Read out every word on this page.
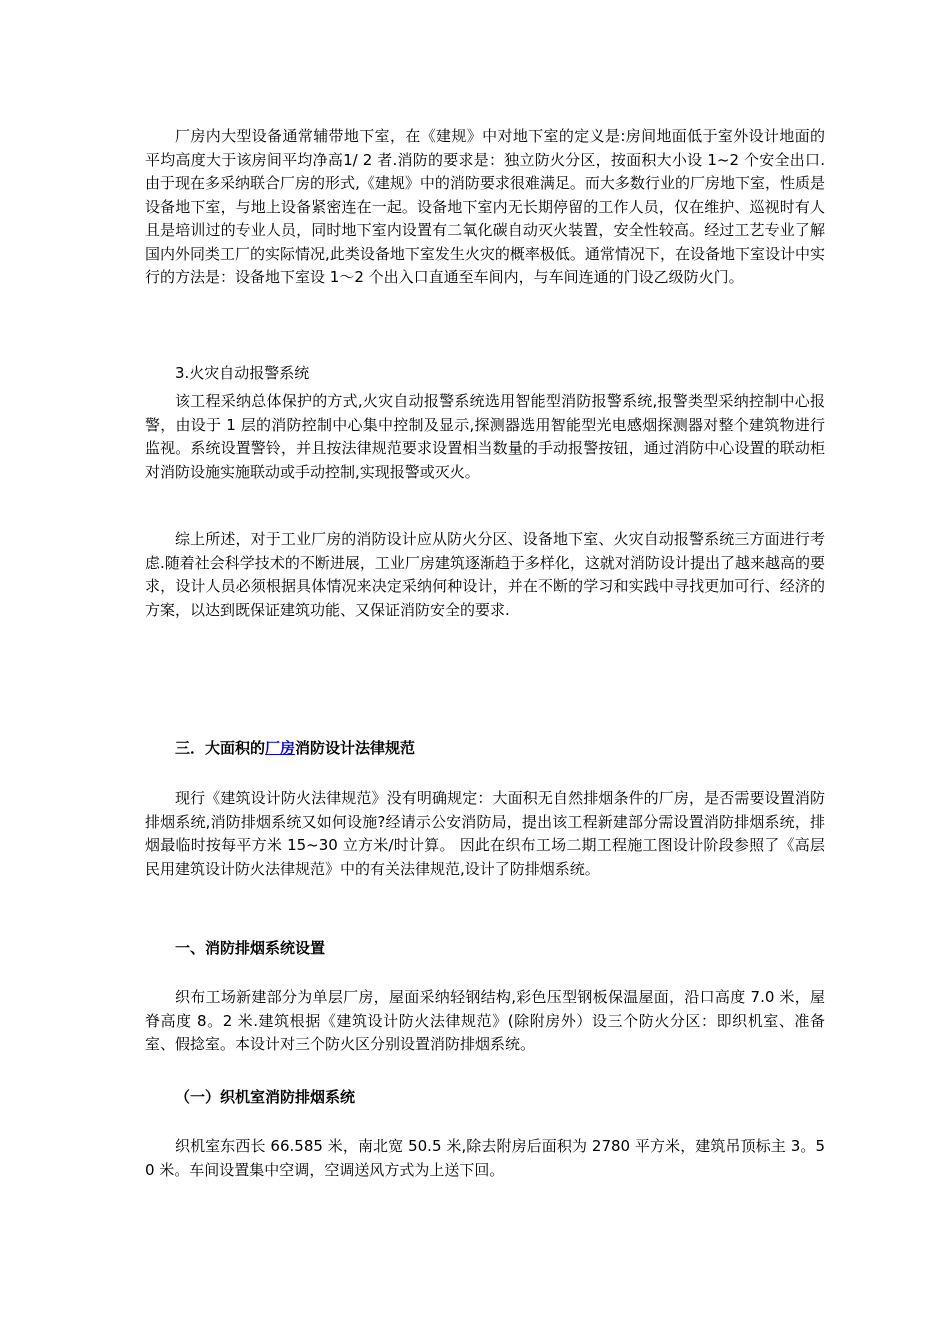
厂房内大型设备通常辅带地下室，在《建规》中对地下室的定义是:房间地面低于室外设计地面的平均高度大于该房间平均净高1/ 2 者.消防的要求是：独立防火分区，按面积大小设 1~2 个安全出口.由于现在多采纳联合厂房的形式,《建规》中的消防要求很难满足。而大多数行业的厂房地下室，性质是设备地下室，与地上设备紧密连在一起。设备地下室内无长期停留的工作人员，仅在维护、巡视时有人且是培训过的专业人员，同时地下室内设置有二氧化碳自动灭火装置，安全性较高。经过工艺专业了解国内外同类工厂的实际情况,此类设备地下室发生火灾的概率极低。通常情况下，在设备地下室设计中实行的方法是：设备地下室设 1～2 个出入口直通至车间内，与车间连通的门设乙级防火门。

3.火灾自动报警系统

该工程采纳总体保护的方式,火灾自动报警系统选用智能型消防报警系统,报警类型采纳控制中心报警，由设于 1 层的消防控制中心集中控制及显示,探测器选用智能型光电感烟探测器对整个建筑物进行监视。系统设置警铃，并且按法律规范要求设置相当数量的手动报警按钮，通过消防中心设置的联动柜对消防设施实施联动或手动控制,实现报警或灭火。

综上所述，对于工业厂房的消防设计应从防火分区、设备地下室、火灾自动报警系统三方面进行考虑.随着社会科学技术的不断进展，工业厂房建筑逐渐趋于多样化，这就对消防设计提出了越来越高的要求，设计人员必须根据具体情况来决定采纳何种设计，并在不断的学习和实践中寻找更加可行、经济的方案，以达到既保证建筑功能、又保证消防安全的要求.

三．大面积的厂房消防设计法律规范

现行《建筑设计防火法律规范》没有明确规定：大面积无自然排烟条件的厂房，是否需要设置消防排烟系统,消防排烟系统又如何设施?经请示公安消防局，提出该工程新建部分需设置消防排烟系统，排烟最临时按每平方米 15~30 立方米/时计算。 因此在织布工场二期工程施工图设计阶段参照了《高层民用建筑设计防火法律规范》中的有关法律规范,设计了防排烟系统。

一、消防排烟系统设置

织布工场新建部分为单层厂房，屋面采纳轻钢结构,彩色压型钢板保温屋面，沿口高度 7.0 米，屋脊高度 8。2 米.建筑根据《建筑设计防火法律规范》(除附房外）设三个防火分区：即织机室、准备室、假捻室。本设计对三个防火区分别设置消防排烟系统。

（一）织机室消防排烟系统

织机室东西长 66.585 米，南北宽 50.5 米,除去附房后面积为 2780 平方米，建筑吊顶标主 3。50 米。车间设置集中空调，空调送风方式为上送下回。
